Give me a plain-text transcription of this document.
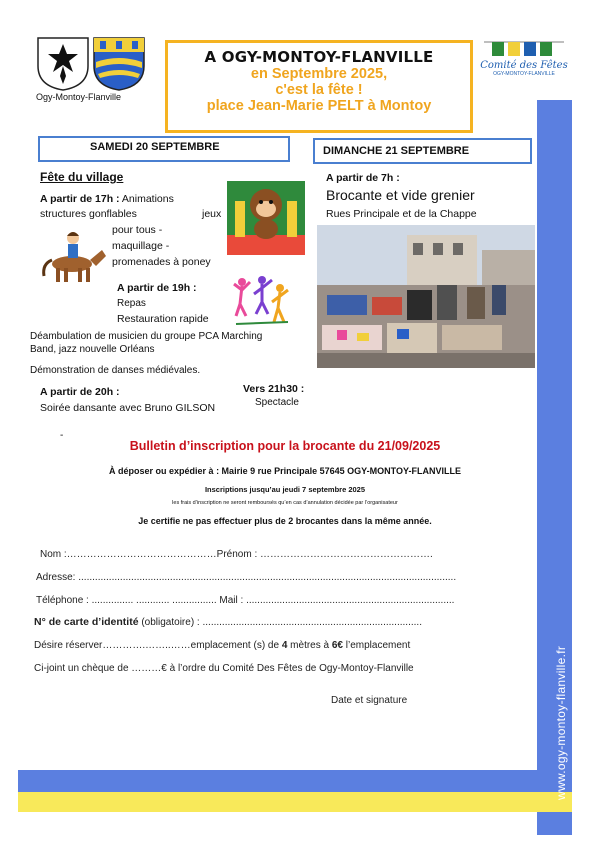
www.ogy-montoy-flanville.fr
Ogy-Montoy-Flanville
A OGY-MONTOY-FLANVILLE
en Septembre 2025,
c'est la fête !
place Jean-Marie PELT à Montoy
Comité des Fêtes
OGY-MONTOY-FLANVILLE
SAMEDI 20 SEPTEMBRE	DIMANCHE 21 SEPTEMBRE
Fête du village
A partir de 17h : Animations
structures gonflables	jeux
pour tous -
maquillage -
promenades à poney
A partir de 19h :
Repas
Restauration rapide
Déambulation de musicien du groupe PCA Marching
Band, jazz nouvelle Orléans
Démonstration de danses médiévales.
A partir de 20h :
Soirée dansante avec Bruno GILSON
Vers 21h30 :
Spectacle
-
A partir de 7h :
Brocante et vide grenier
Rues Principale et de la Chappe
Bulletin d’inscription pour la brocante du 21/09/2025
À déposer ou expédier à : Mairie 9 rue Principale 57645 OGY-MONTOY-FLANVILLE
Inscriptions jusqu’au jeudi 7 septembre 2025
les frais d’inscription ne seront remboursés qu’en cas d’annulation décidée par l’organisateur
Je certifie ne pas effectuer plus de 2 brocantes dans la même année.
Nom :………………………………………Prénom : …………………………………………….
Adresse: ........................................................................................................................................
Téléphone : ............... ............ ................ Mail : ...........................................................................
N° de carte d’identité (obligatoire) : ...............................................................................
Désire réserver………….……..……emplacement (s) de 4 mètres à 6€ l’emplacement
Ci-joint un chèque de ………€ à l’ordre du Comité Des Fêtes de Ogy-Montoy-Flanville
Date et signature
